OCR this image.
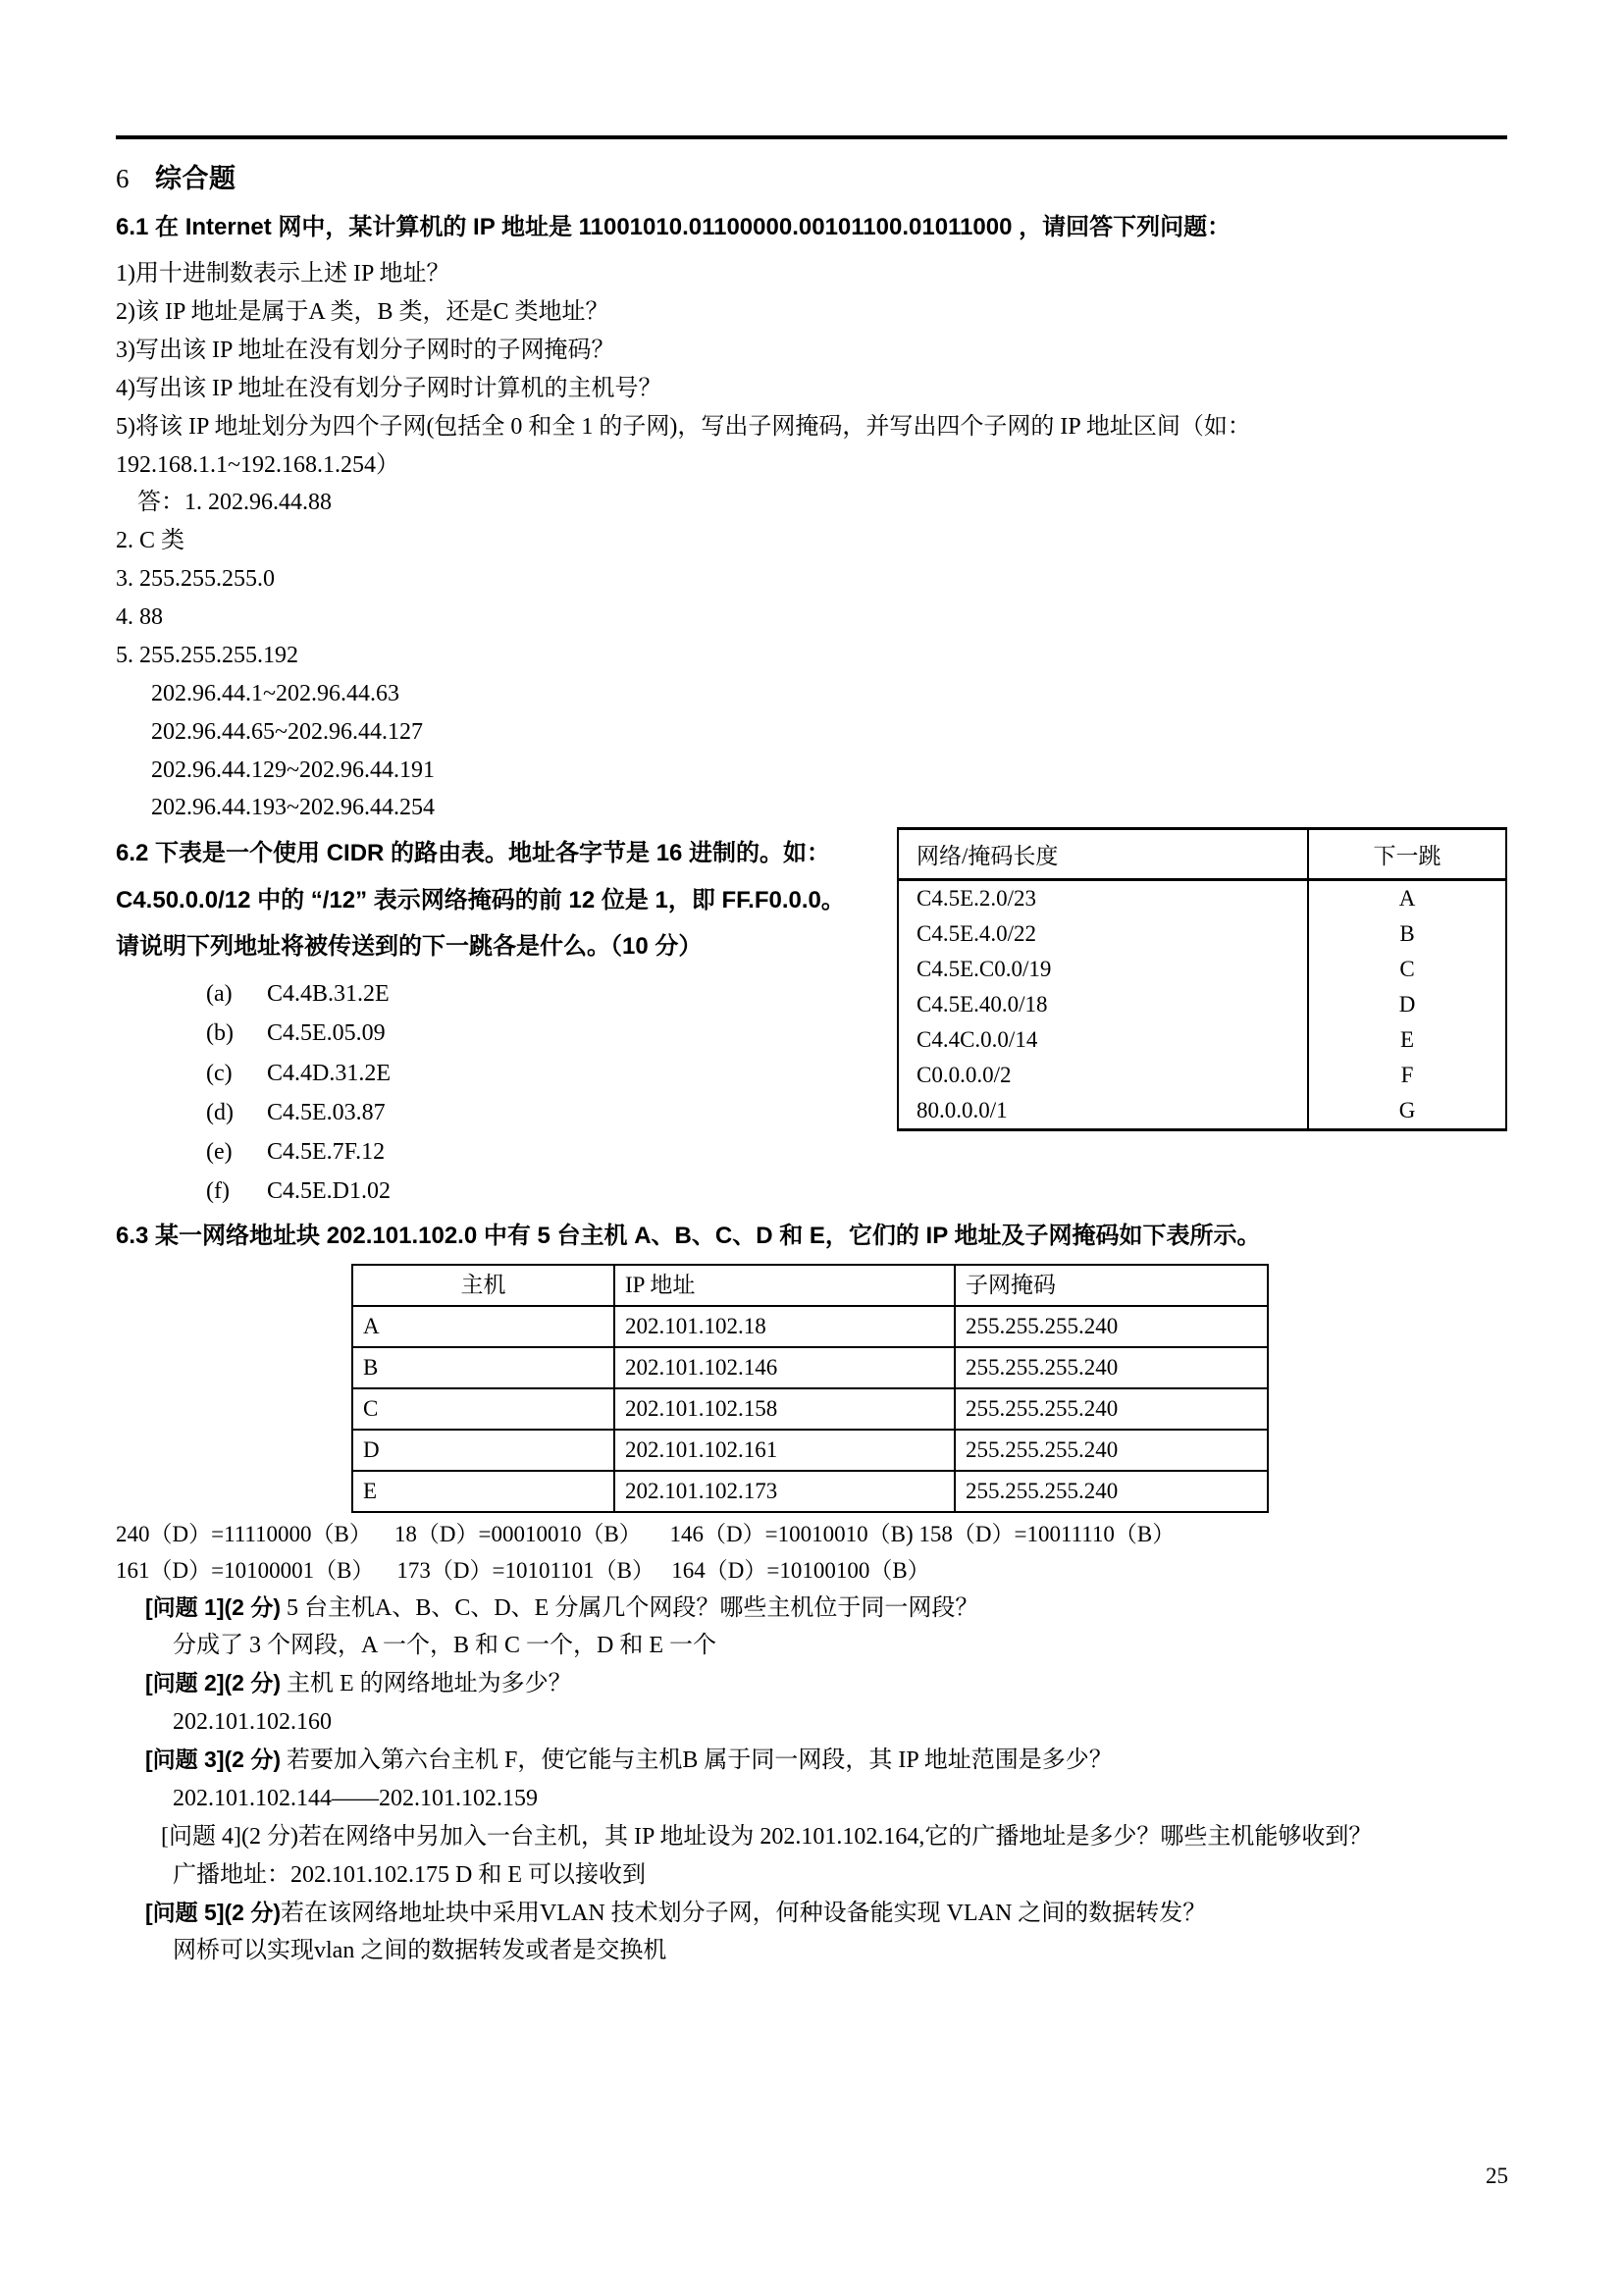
6 综合题
6.1 在 Internet 网中，某计算机的 IP 地址是 11001010.01100000.00101100.01011000 ，请回答下列问题：
1)用十进制数表示上述 IP 地址？
2)该 IP 地址是属于A 类，B 类，还是C 类地址？
3)写出该 IP 地址在没有划分子网时的子网掩码？
4)写出该 IP 地址在没有划分子网时计算机的主机号？
5)将该 IP 地址划分为四个子网(包括全 0 和全 1 的子网)，写出子网掩码，并写出四个子网的 IP 地址区间（如：
192.168.1.1~192.168.1.254）
答：1. 202.96.44.88
2. C 类
3. 255.255.255.0
4. 88
5. 255.255.255.192
202.96.44.1~202.96.44.63
202.96.44.65~202.96.44.127
202.96.44.129~202.96.44.191
202.96.44.193~202.96.44.254
6.2 下表是一个使用 CIDR 的路由表。地址各字节是 16 进制的。如：
C4.50.0.0/12 中的 “/12” 表示网络掩码的前 12 位是 1，即 FF.F0.0.0。
请说明下列地址将被传送到的下一跳各是什么。（10 分）
(a) C4.4B.31.2E
(b) C4.5E.05.09
(c) C4.4D.31.2E
(d) C4.5E.03.87
(e) C4.5E.7F.12
(f) C4.5E.D1.02
网络/掩码长度	下一跳
C4.5E.2.0/23	A
C4.5E.4.0/22	B
C4.5E.C0.0/19	C
C4.5E.40.0/18	D
C4.4C.0.0/14	E
C0.0.0.0/2	F
80.0.0.0/1	G
6.3 某一网络地址块 202.101.102.0 中有 5 台主机 A、B、C、D 和 E，它们的 IP 地址及子网掩码如下表所示。
主机	IP 地址	子网掩码
A	202.101.102.18	255.255.255.240
B	202.101.102.146	255.255.255.240
C	202.101.102.158	255.255.255.240
D	202.101.102.161	255.255.255.240
E	202.101.102.173	255.255.255.240
240（D）=11110000（B）    18（D）=00010010（B）     146（D）=10010010（B) 158（D）=10011110（B）
161（D）=10100001（B）    173（D）=10101101（B）   164（D）=10100100（B）
[问题 1](2 分) 5 台主机A、B、C、D、E 分属几个网段？哪些主机位于同一网段？
分成了 3 个网段，A 一个，B 和 C 一个，D 和 E 一个
[问题 2](2 分) 主机 E 的网络地址为多少？
202.101.102.160
[问题 3](2 分) 若要加入第六台主机 F，使它能与主机B 属于同一网段，其 IP 地址范围是多少？
202.101.102.144——202.101.102.159
[问题 4](2 分)若在网络中另加入一台主机，其 IP 地址设为 202.101.102.164,它的广播地址是多少？哪些主机能够收到？
广播地址：202.101.102.175 D 和 E 可以接收到
[问题 5](2 分)若在该网络地址块中采用VLAN 技术划分子网，何种设备能实现 VLAN 之间的数据转发？
网桥可以实现vlan 之间的数据转发或者是交换机
25
